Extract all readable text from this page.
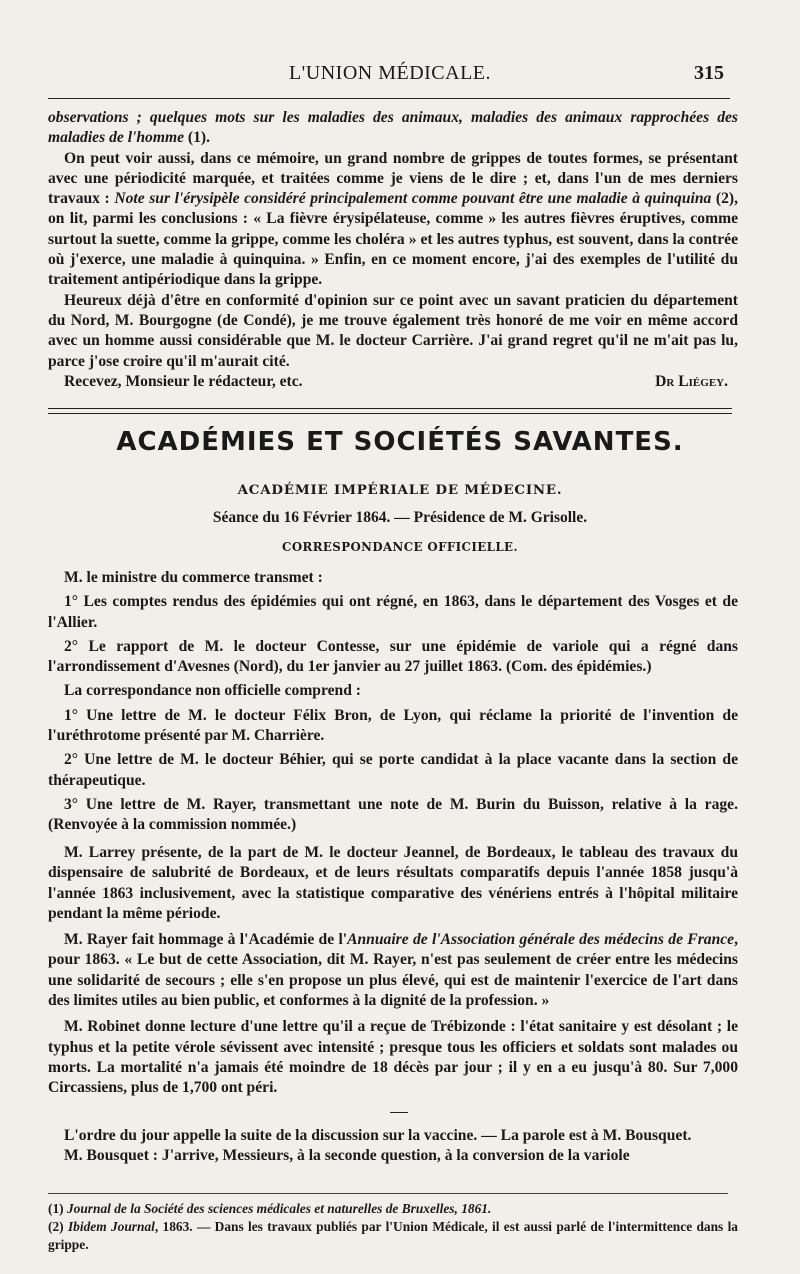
L'UNION MÉDICALE.	315

observations ; quelques mots sur les maladies des animaux, maladies des animaux rapprochées des maladies de l'homme (1).

On peut voir aussi, dans ce mémoire, un grand nombre de grippes de toutes formes, se présentant avec une périodicité marquée, et traitées comme je viens de le dire ; et, dans l'un de mes derniers travaux : Note sur l'érysipèle considéré principalement comme pouvant être une maladie à quinquina (2), on lit, parmi les conclusions : « La fièvre érysipélateuse, comme » les autres fièvres éruptives, comme surtout la suette, comme la grippe, comme les choléra » et les autres typhus, est souvent, dans la contrée où j'exerce, une maladie à quinquina. » Enfin, en ce moment encore, j'ai des exemples de l'utilité du traitement antipériodique dans la grippe.

Heureux déjà d'être en conformité d'opinion sur ce point avec un savant praticien du département du Nord, M. Bourgogne (de Condé), je me trouve également très honoré de me voir en même accord avec un homme aussi considérable que M. le docteur Carrière. J'ai grand regret qu'il ne m'ait pas lu, parce j'ose croire qu'il m'aurait cité.

Recevez, Monsieur le rédacteur, etc.	Dr Liégey.

ACADÉMIES ET SOCIÉTÉS SAVANTES.
ACADÉMIE IMPÉRIALE DE MÉDECINE.
Séance du 16 Février 1864. — Présidence de M. Grisolle.
CORRESPONDANCE OFFICIELLE.

M. le ministre du commerce transmet :

1° Les comptes rendus des épidémies qui ont régné, en 1863, dans le département des Vosges et de l'Allier.

2° Le rapport de M. le docteur Contesse, sur une épidémie de variole qui a régné dans l'arrondissement d'Avesnes (Nord), du 1er janvier au 27 juillet 1863. (Com. des épidémies.)

La correspondance non officielle comprend :

1° Une lettre de M. le docteur Félix Bron, de Lyon, qui réclame la priorité de l'invention de l'uréthrotome présenté par M. Charrière.

2° Une lettre de M. le docteur Béhier, qui se porte candidat à la place vacante dans la section de thérapeutique.

3° Une lettre de M. Rayer, transmettant une note de M. Burin du Buisson, relative à la rage. (Renvoyée à la commission nommée.)

M. Larrey présente, de la part de M. le docteur Jeannel, de Bordeaux, le tableau des travaux du dispensaire de salubrité de Bordeaux, et de leurs résultats comparatifs depuis l'année 1858 jusqu'à l'année 1863 inclusivement, avec la statistique comparative des vénériens entrés à l'hôpital militaire pendant la même période.

M. Rayer fait hommage à l'Académie de l'Annuaire de l'Association générale des médecins de France, pour 1863. « Le but de cette Association, dit M. Rayer, n'est pas seulement de créer entre les médecins une solidarité de secours ; elle s'en propose un plus élevé, qui est de maintenir l'exercice de l'art dans des limites utiles au bien public, et conformes à la dignité de la profession. »

M. Robinet donne lecture d'une lettre qu'il a reçue de Trébizonde : l'état sanitaire y est désolant ; le typhus et la petite vérole sévissent avec intensité ; presque tous les officiers et soldats sont malades ou morts. La mortalité n'a jamais été moindre de 18 décès par jour ; il y en a eu jusqu'à 80. Sur 7,000 Circassiens, plus de 1,700 ont péri.

L'ordre du jour appelle la suite de la discussion sur la vaccine. — La parole est à M. Bousquet.

M. Bousquet : J'arrive, Messieurs, à la seconde question, à la conversion de la variole

(1) Journal de la Société des sciences médicales et naturelles de Bruxelles, 1861.

(2) Ibidem Journal, 1863. — Dans les travaux publiés par l'Union Médicale, il est aussi parlé de l'intermittence dans la grippe.
